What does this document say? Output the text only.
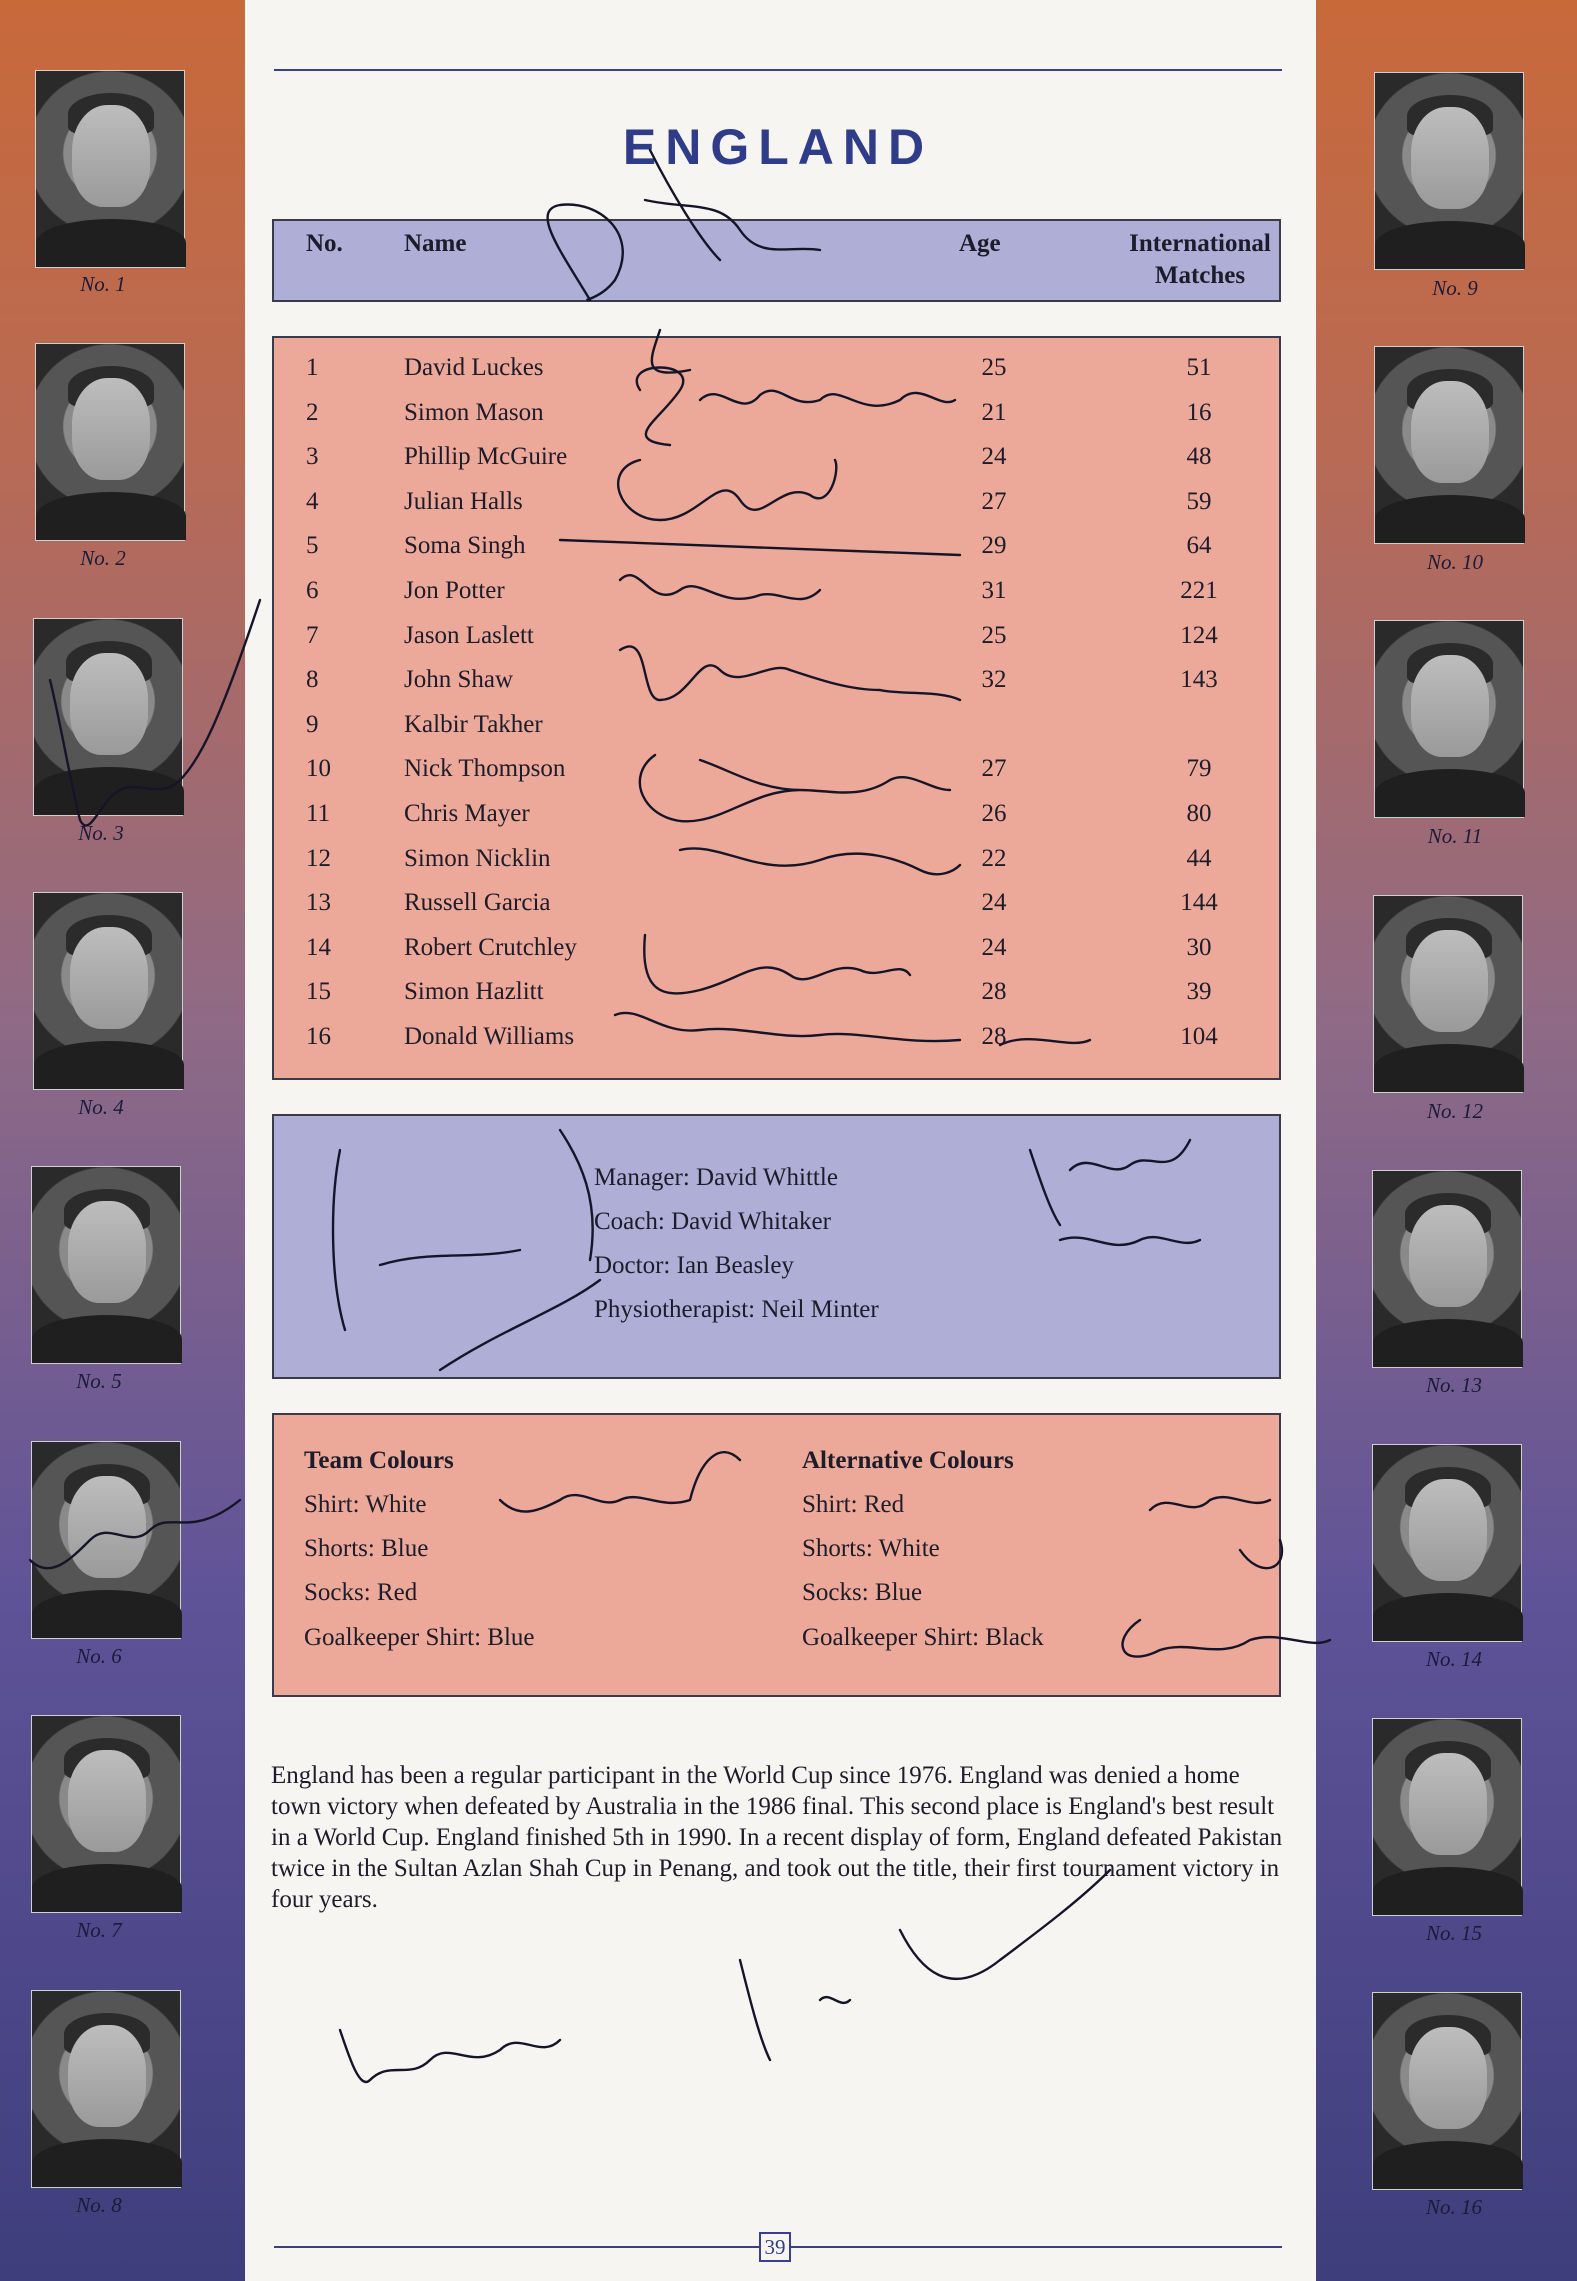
No. 1
No. 2
No. 3
No. 4
No. 5
No. 6
No. 7
No. 8
No. 9
No. 10
No. 11
No. 12
No. 13
No. 14
No. 15
No. 16
ENGLAND
No. Name	Age	International
Matches
1	David Luckes	25	51
2	Simon Mason	21	16
3	Phillip McGuire	24	48
4	Julian Halls	27	59
5	Soma Singh	29	64
6	Jon Potter	31	221
7	Jason Laslett	25	124
8	John Shaw	32	143
9	Kalbir Takher
10	Nick Thompson	27	79
11	Chris Mayer	26	80
12	Simon Nicklin	22	44
13	Russell Garcia	24	144
14	Robert Crutchley	24	30
15	Simon Hazlitt	28	39
16	Donald Williams	28	104
Manager: David Whittle
Coach: David Whitaker
Doctor: Ian Beasley
Physiotherapist: Neil Minter
Team Colours
Shirt: White
Shorts: Blue
Socks: Red
Goalkeeper Shirt: Blue
Alternative Colours
Shirt: Red
Shorts: White
Socks: Blue
Goalkeeper Shirt: Black
England has been a regular participant in the World Cup since 1976. England was denied a home town victory when defeated by Australia in the 1986 final. This second place is England's best result in a World Cup. England finished 5th in 1990. In a recent display of form, England defeated Pakistan twice in the Sultan Azlan Shah Cup in Penang, and took out the title, their first tournament victory in four years.
39
